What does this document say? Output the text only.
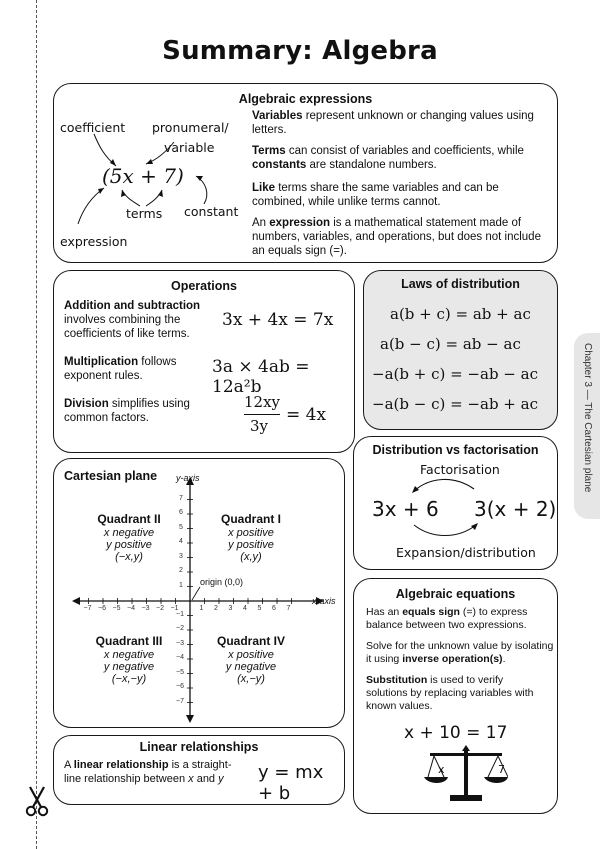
Summary: Algebra
Chapter 3 — The Cartesian plane
Algebraic expressions
coefficient pronumeral/
variable
(5x + 7)
terms constant
expression
Variables represent unknown or changing values using letters.
Terms can consist of variables and coefficients, while constants are standalone numbers.
Like terms share the same variables and can be combined, while unlike terms cannot.
An expression is a mathematical statement made of numbers, variables, and operations, but does not include an equals sign (=).
Operations
Addition and subtraction involves combining the coefficients of like terms.
3x + 4x = 7x
Multiplication follows exponent rules.	3a × 4ab = 12a²b
Division simplifies using common factors.
12xy
3y
= 4x
Laws of distribution
a(b + c) = ab + ac
a(b − c) = ab − ac
−a(b + c) = −ab − ac
−a(b − c) = −ab + ac
Distribution vs factorisation
Factorisation
3x + 6 3(x + 2)
Expansion/distribution
Cartesian plane y-axis
x-axis
origin (0,0)
−7 −6 −5 −4 −3 −2 −1	1 2 3 4 5 6 7
7
6
5
4
3
2
1
−1
−2
−3
−4
−5
−6
−7
Quadrant II
x negative
y positive
(−x,y)
Quadrant I
x positive
y positive
(x,y)
Quadrant III
x negative
y negative
(−x,−y)
Quadrant IV
x positive
y negative
(x,−y)
Algebraic equations
Has an equals sign (=) to express balance between two expressions.
Solve for the unknown value by isolating it using inverse operation(s).
Substitution is used to verify solutions by replacing variables with known values.
x + 10 = 17
x	7
Linear relationships
A linear relationship is a straight-line relationship between x and y	y = mx + b
